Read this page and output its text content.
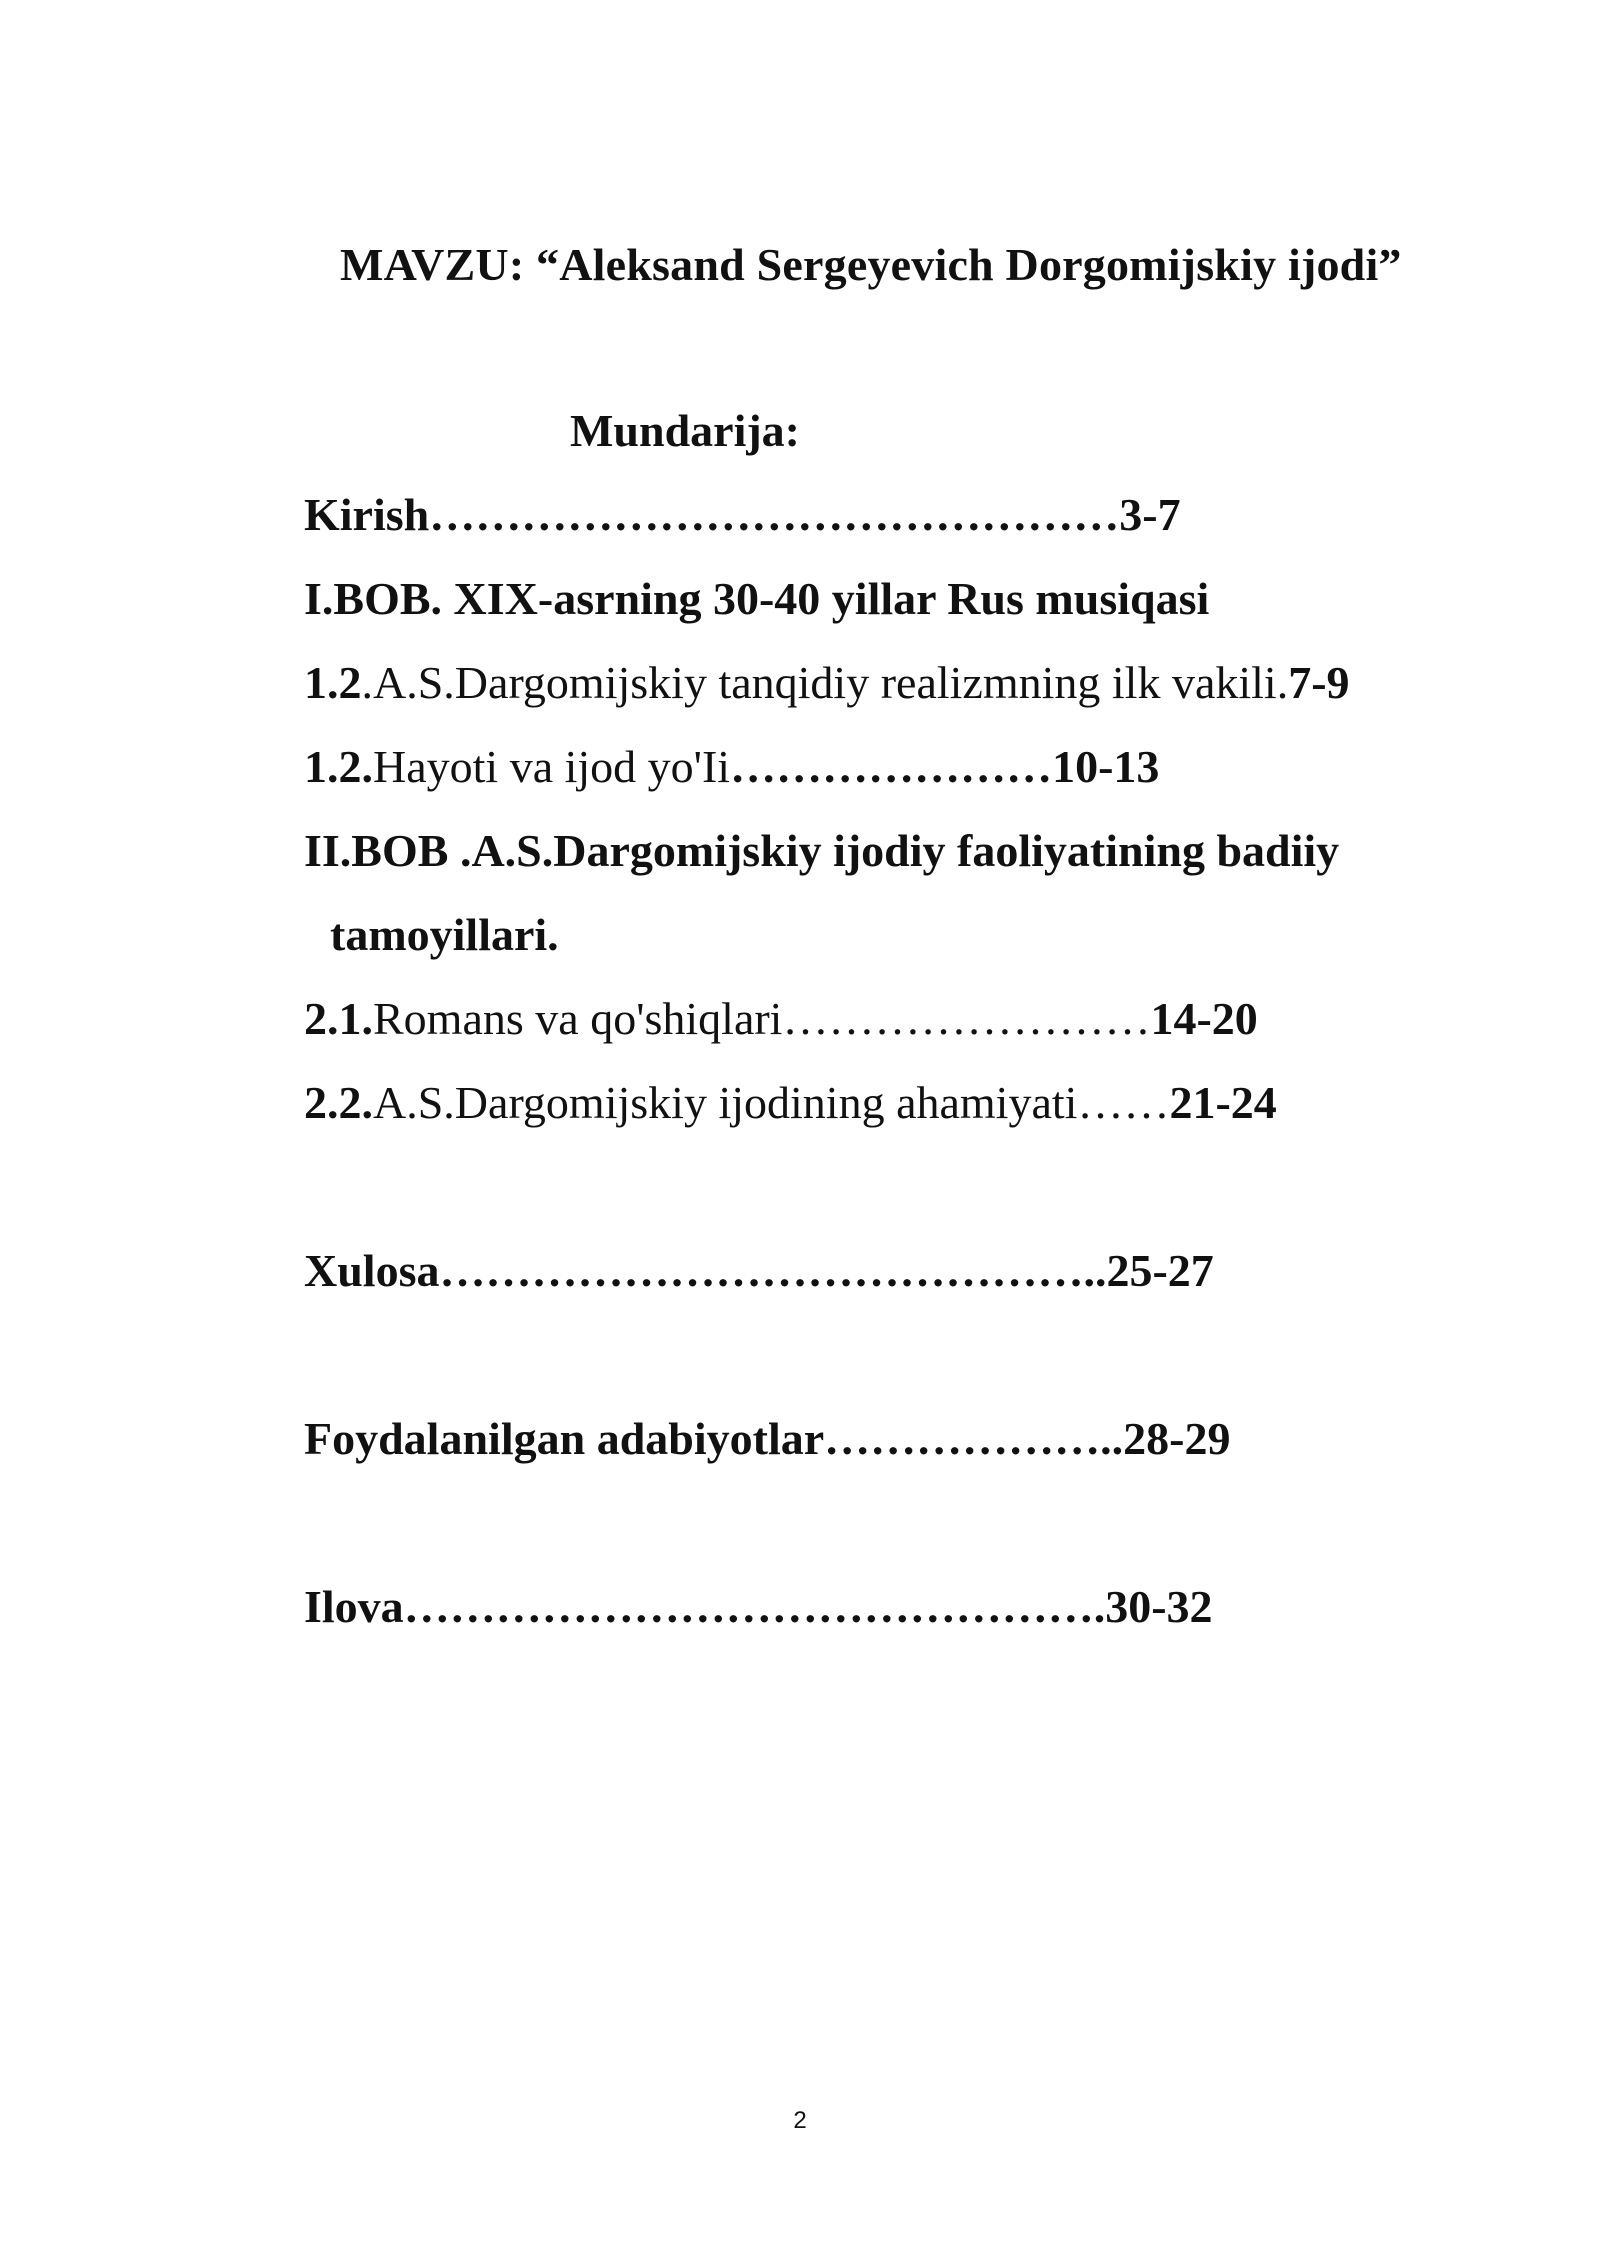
MAVZU: “Aleksand Sergeyevich Dorgomijskiy ijodi”
Mundarija:
Kirish………………………………………3-7
I.BOB. XIX-asrning 30-40 yillar Rus musiqasi
1.2.A.S.Dargomijskiy tanqidiy realizmning ilk vakili.7-9
1.2.Hayoti va ijod yo'Ii…………………10-13
II.BOB .A.S.Dargomijskiy ijodiy faoliyatining badiiy
tamoyillari.
2.1.Romans va qo'shiqlari……………………14-20
2.2.A.S.Dargomijskiy ijodining ahamiyati……21-24
Xulosa……………………………………..25-27
Foydalanilgan adabiyotlar………………..28-29
Ilova……………………………………….30-32
2
